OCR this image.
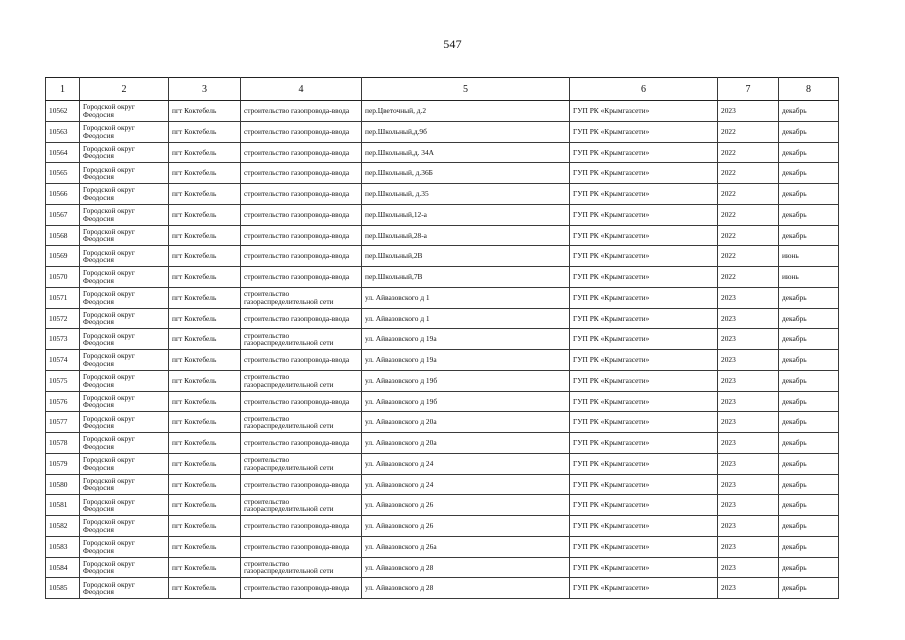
547
1	2	3	4	5	6	7	8
10562	Городской округ Феодосия	пгт Коктебель	строительство газопровода-ввода	пер.Цветочный, д.2	ГУП РК «Крымгазсети»	2023	декабрь
10563	Городской округ Феодосия	пгт Коктебель	строительство газопровода-ввода	пер.Школьный,д.9б	ГУП РК «Крымгазсети»	2022	декабрь
10564	Городской округ Феодосия	пгт Коктебель	строительство газопровода-ввода	пер.Школьный,д. 34А	ГУП РК «Крымгазсети»	2022	декабрь
10565	Городской округ Феодосия	пгт Коктебель	строительство газопровода-ввода	пер.Школьный, д.36Б	ГУП РК «Крымгазсети»	2022	декабрь
10566	Городской округ Феодосия	пгт Коктебель	строительство газопровода-ввода	пер.Школьный, д.35	ГУП РК «Крымгазсети»	2022	декабрь
10567	Городской округ Феодосия	пгт Коктебель	строительство газопровода-ввода	пер.Школьный,12-а	ГУП РК «Крымгазсети»	2022	декабрь
10568	Городской округ Феодосия	пгт Коктебель	строительство газопровода-ввода	пер.Школьный,28-а	ГУП РК «Крымгазсети»	2022	декабрь
10569	Городской округ Феодосия	пгт Коктебель	строительство газопровода-ввода	пер.Школьный,2В	ГУП РК «Крымгазсети»	2022	июнь
10570	Городской округ Феодосия	пгт Коктебель	строительство газопровода-ввода	пер.Школьный,7В	ГУП РК «Крымгазсети»	2022	июнь
10571	Городской округ Феодосия	пгт Коктебель	строительство газораспределительной сети	ул. Айвазовского д 1	ГУП РК «Крымгазсети»	2023	декабрь
10572	Городской округ Феодосия	пгт Коктебель	строительство газопровода-ввода	ул. Айвазовского д 1	ГУП РК «Крымгазсети»	2023	декабрь
10573	Городской округ Феодосия	пгт Коктебель	строительство газораспределительной сети	ул. Айвазовского д 19а	ГУП РК «Крымгазсети»	2023	декабрь
10574	Городской округ Феодосия	пгт Коктебель	строительство газопровода-ввода	ул. Айвазовского д 19а	ГУП РК «Крымгазсети»	2023	декабрь
10575	Городской округ Феодосия	пгт Коктебель	строительство газораспределительной сети	ул. Айвазовского д 19б	ГУП РК «Крымгазсети»	2023	декабрь
10576	Городской округ Феодосия	пгт Коктебель	строительство газопровода-ввода	ул. Айвазовского д 19б	ГУП РК «Крымгазсети»	2023	декабрь
10577	Городской округ Феодосия	пгт Коктебель	строительство газораспределительной сети	ул. Айвазовского д 20а	ГУП РК «Крымгазсети»	2023	декабрь
10578	Городской округ Феодосия	пгт Коктебель	строительство газопровода-ввода	ул. Айвазовского д 20а	ГУП РК «Крымгазсети»	2023	декабрь
10579	Городской округ Феодосия	пгт Коктебель	строительство газораспределительной сети	ул. Айвазовского д 24	ГУП РК «Крымгазсети»	2023	декабрь
10580	Городской округ Феодосия	пгт Коктебель	строительство газопровода-ввода	ул. Айвазовского д 24	ГУП РК «Крымгазсети»	2023	декабрь
10581	Городской округ Феодосия	пгт Коктебель	строительство газораспределительной сети	ул. Айвазовского д 26	ГУП РК «Крымгазсети»	2023	декабрь
10582	Городской округ Феодосия	пгт Коктебель	строительство газопровода-ввода	ул. Айвазовского д 26	ГУП РК «Крымгазсети»	2023	декабрь
10583	Городской округ Феодосия	пгт Коктебель	строительство газопровода-ввода	ул. Айвазовского д 26а	ГУП РК «Крымгазсети»	2023	декабрь
10584	Городской округ Феодосия	пгт Коктебель	строительство газораспределительной сети	ул. Айвазовского д 28	ГУП РК «Крымгазсети»	2023	декабрь
10585	Городской округ Феодосия	пгт Коктебель	строительство газопровода-ввода	ул. Айвазовского д 28	ГУП РК «Крымгазсети»	2023	декабрь
